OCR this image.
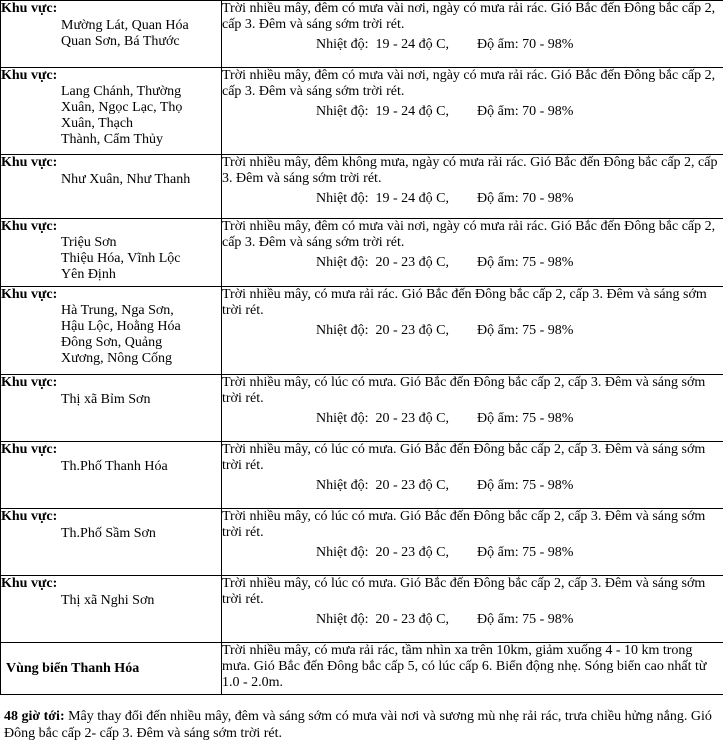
Khu vực:
Mường Lát, Quan Hóa
Quan Sơn, Bá Thước	Trời nhiều mây, đêm có mưa vài nơi, ngày có mưa rải rác. Gió Bắc đến Đông bắc cấp 2, cấp 3. Đêm và sáng sớm trời rét.
Nhiệt độ:  19 - 24 độ C, Độ ẩm: 70 - 98%

Khu vực:
Lang Chánh, Thường
Xuân, Ngọc Lạc, Thọ
Xuân, Thạch
Thành, Cẩm Thủy	Trời nhiều mây, đêm có mưa vài nơi, ngày có mưa rải rác. Gió Bắc đến Đông bắc cấp 2, cấp 3. Đêm và sáng sớm trời rét.
Nhiệt độ:  19 - 24 độ C, Độ ẩm: 70 - 98%

Khu vực:
Như Xuân, Như Thanh	Trời nhiều mây, đêm không mưa, ngày có mưa rải rác. Gió Bắc đến Đông bắc cấp 2, cấp 3. Đêm và sáng sớm trời rét.
Nhiệt độ:  19 - 24 độ C, Độ ẩm: 70 - 98%

Khu vực:
Triệu Sơn
Thiệu Hóa, Vĩnh Lộc
Yên Định	Trời nhiều mây, đêm có mưa vài nơi, ngày có mưa rải rác. Gió Bắc đến Đông bắc cấp 2, cấp 3. Đêm và sáng sớm trời rét.
Nhiệt độ:  20 - 23 độ C, Độ ẩm: 75 - 98%

Khu vực:
Hà Trung, Nga Sơn,
Hậu Lộc, Hoằng Hóa
Đông Sơn, Quảng
Xương, Nông Cống	Trời nhiều mây, có mưa rải rác. Gió Bắc đến Đông bắc cấp 2, cấp 3. Đêm và sáng sớm trời rét.
Nhiệt độ:  20 - 23 độ C, Độ ẩm: 75 - 98%

Khu vực:
Thị xã Bỉm Sơn	Trời nhiều mây, có lúc có mưa. Gió Bắc đến Đông bắc cấp 2, cấp 3. Đêm và sáng sớm trời rét.
Nhiệt độ:  20 - 23 độ C, Độ ẩm: 75 - 98%

Khu vực:
Th.Phố Thanh Hóa	Trời nhiều mây, có lúc có mưa. Gió Bắc đến Đông bắc cấp 2, cấp 3. Đêm và sáng sớm trời rét.
Nhiệt độ:  20 - 23 độ C, Độ ẩm: 75 - 98%

Khu vực:
Th.Phố Sầm Sơn	Trời nhiều mây, có lúc có mưa. Gió Bắc đến Đông bắc cấp 2, cấp 3. Đêm và sáng sớm trời rét.
Nhiệt độ:  20 - 23 độ C, Độ ẩm: 75 - 98%

Khu vực:
Thị xã Nghi Sơn	Trời nhiều mây, có lúc có mưa. Gió Bắc đến Đông bắc cấp 2, cấp 3. Đêm và sáng sớm trời rét.
Nhiệt độ:  20 - 23 độ C, Độ ẩm: 75 - 98%

Vùng biển Thanh Hóa	Trời nhiều mây, có mưa rải rác, tầm nhìn xa trên 10km, giảm xuống 4 - 10 km trong mưa. Gió Bắc đến Đông bắc cấp 5, có lúc cấp 6. Biển động nhẹ. Sóng biển cao nhất từ 1.0 - 2.0m.
48 giờ tới: Mây thay đổi đến nhiều mây, đêm và sáng sớm có mưa vài nơi và sương mù nhẹ rải rác, trưa chiều hửng nắng. Gió Đông bắc cấp 2- cấp 3. Đêm và sáng sớm trời rét.
